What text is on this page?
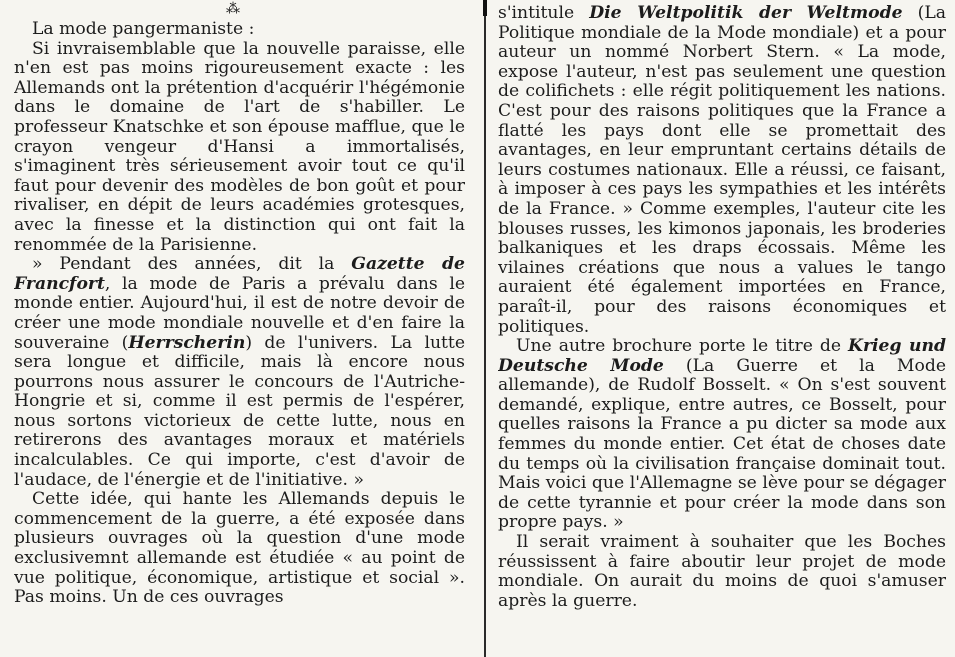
⁂

La mode pangermaniste :

Si invraisemblable que la nouvelle paraisse, elle n'en est pas moins rigoureusement exacte : les Allemands ont la prétention d'acquérir l'hégémonie dans le domaine de l'art de s'habiller. Le professeur Knatschke et son épouse mafflue, que le crayon vengeur d'Hansi a immortalisés, s'imaginent très sérieusement avoir tout ce qu'il faut pour devenir des modèles de bon goût et pour rivaliser, en dépit de leurs académies grotesques, avec la finesse et la distinction qui ont fait la renommée de la Parisienne.

» Pendant des années, dit la Gazette de Francfort, la mode de Paris a prévalu dans le monde entier. Aujourd'hui, il est de notre devoir de créer une mode mondiale nouvelle et d'en faire la souveraine (Herrscherin) de l'univers. La lutte sera longue et difficile, mais là encore nous pourrons nous assurer le concours de l'Autriche-Hongrie et si, comme il est permis de l'espérer, nous sortons victorieux de cette lutte, nous en retirerons des avantages moraux et matériels incalculables. Ce qui importe, c'est d'avoir de l'audace, de l'énergie et de l'initiative. »

Cette idée, qui hante les Allemands depuis le commencement de la guerre, a été exposée dans plusieurs ouvrages où la question d'une mode exclusivemnt allemande est étudiée « au point de vue politique, économique, artistique et social ». Pas moins. Un de ces ouvrages

s'intitule Die Weltpolitik der Weltmode (La Politique mondiale de la Mode mondiale) et a pour auteur un nommé Norbert Stern. « La mode, expose l'auteur, n'est pas seulement une question de colifichets : elle régit politiquement les nations. C'est pour des raisons politiques que la France a flatté les pays dont elle se promettait des avantages, en leur empruntant certains détails de leurs costumes nationaux. Elle a réussi, ce faisant, à imposer à ces pays les sympathies et les intérêts de la France. » Comme exemples, l'auteur cite les blouses russes, les kimonos japonais, les broderies balkaniques et les draps écossais. Même les vilaines créations que nous a values le tango auraient été également importées en France, paraît-il, pour des raisons économiques et politiques.

Une autre brochure porte le titre de Krieg und Deutsche Mode (La Guerre et la Mode allemande), de Rudolf Bosselt. « On s'est souvent demandé, explique, entre autres, ce Bosselt, pour quelles raisons la France a pu dicter sa mode aux femmes du monde entier. Cet état de choses date du temps où la civilisation française dominait tout. Mais voici que l'Allemagne se lève pour se dégager de cette tyrannie et pour créer la mode dans son propre pays. »

Il serait vraiment à souhaiter que les Boches réussissent à faire aboutir leur projet de mode mondiale. On aurait du moins de quoi s'amuser après la guerre.
